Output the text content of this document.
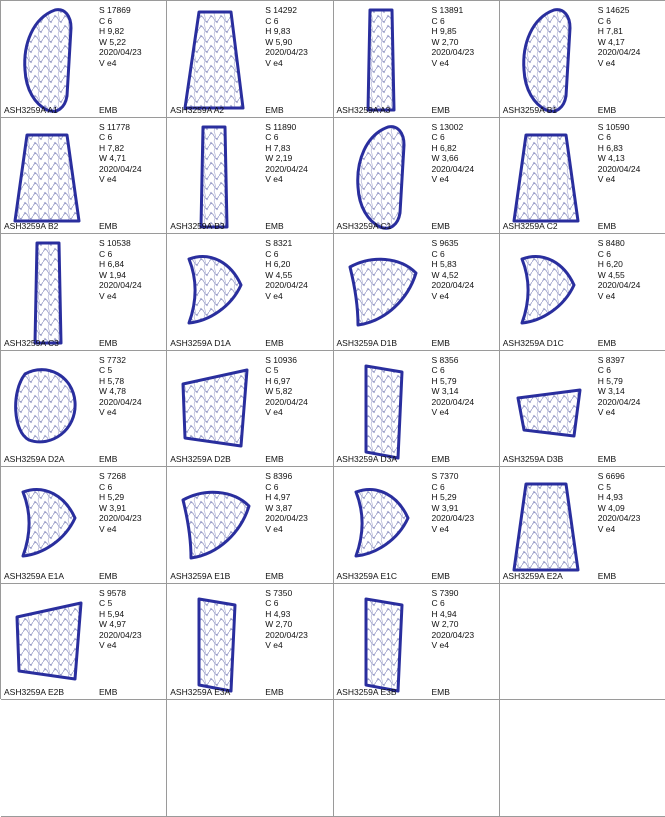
S 17869
C 6
H 9,82
W 5,22
2020/04/23
V e4
ASH3259A A1	EMB
S 14292
C 6
H 9,83
W 5,90
2020/04/23
V e4
ASH3259A A2	EMB
S 13891
C 6
H 9,85
W 2,70
2020/04/23
V e4
ASH3259A A3	EMB
S 14625
C 6
H 7,81
W 4,17
2020/04/24
V e4
ASH3259A B1	EMB
S 11778
C 6
H 7,82
W 4,71
2020/04/24
V e4
ASH3259A B2	EMB
S 11890
C 6
H 7,83
W 2,19
2020/04/24
V e4
ASH3259A B3	EMB
S 13002
C 6
H 6,82
W 3,66
2020/04/24
V e4
ASH3259A C1	EMB
S 10590
C 6
H 6,83
W 4,13
2020/04/24
V e4
ASH3259A C2	EMB
S 10538
C 6
H 6,84
W 1,94
2020/04/24
V e4
ASH3259A C3	EMB
S 8321
C 6
H 6,20
W 4,55
2020/04/24
V e4
ASH3259A D1A	EMB
S 9635
C 6
H 5,83
W 4,52
2020/04/24
V e4
ASH3259A D1B	EMB
S 8480
C 6
H 6,20
W 4,55
2020/04/24
V e4
ASH3259A D1C	EMB
S 7732
C 5
H 5,78
W 4,78
2020/04/24
V e4
ASH3259A D2A	EMB
S 10936
C 5
H 6,97
W 5,82
2020/04/24
V e4
ASH3259A D2B	EMB
S 8356
C 6
H 5,79
W 3,14
2020/04/24
V e4
ASH3259A D3A	EMB
S 8397
C 6
H 5,79
W 3,14
2020/04/24
V e4
ASH3259A D3B	EMB
S 7268
C 6
H 5,29
W 3,91
2020/04/23
V e4
ASH3259A E1A	EMB
S 8396
C 6
H 4,97
W 3,87
2020/04/23
V e4
ASH3259A E1B	EMB
S 7370
C 6
H 5,29
W 3,91
2020/04/23
V e4
ASH3259A E1C	EMB
S 6696
C 5
H 4,93
W 4,09
2020/04/23
V e4
ASH3259A E2A	EMB
S 9578
C 5
H 5,94
W 4,97
2020/04/23
V e4
ASH3259A E2B	EMB
S 7350
C 6
H 4,93
W 2,70
2020/04/23
V e4
ASH3259A E3A	EMB
S 7390
C 6
H 4,94
W 2,70
2020/04/23
V e4
ASH3259A E3B	EMB
